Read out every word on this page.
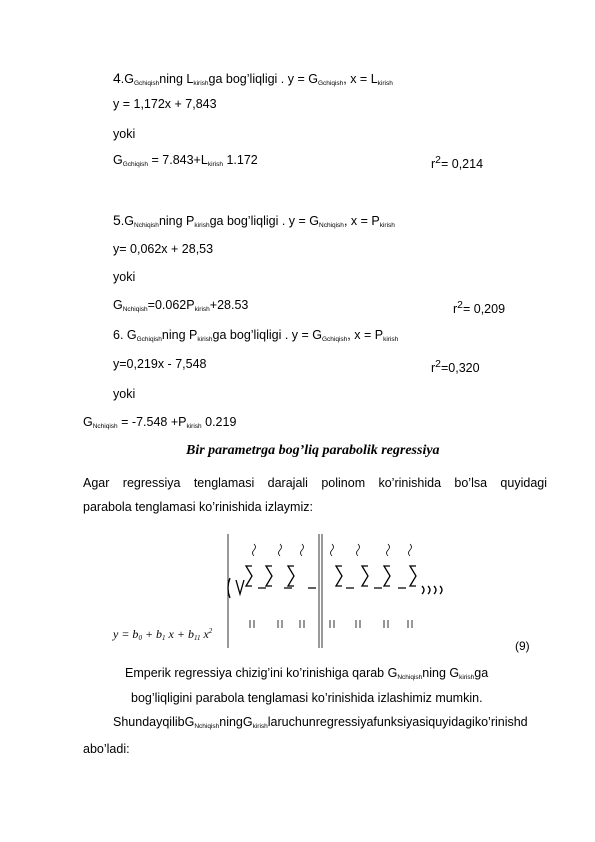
$4.G_{Gchiqish}ning$ $L_{kirish}ga$ bog’liqligi . $y = G_{Gchiqish}$, $x = L_{kirish}$
y = 1,172x + 7,843
yoki
$G_{Gchiqish} = 7.843+L_{kirish}$ 1.172	$r^2= 0,214$
$5.G_{Nchiqish}ning$ $P_{kirish}ga$ bog’liqligi . $y = G_{Nchiqish}$, $x = P_{kirish}$
y= 0,062x + 28,53
yoki
$G_{Nchiqish}=0.062P_{kirish}+28.53$	$r^2= 0,209$
6. $G_{Gchiqish}ning$ $P_{kirish}ga$ bog’liqligi . $y = G_{Gchiqish}$, $x = P_{kirish}$
y=0,219x - 7,548	$r^2=0,320$
yoki
$G_{Nchiqish} = -7.548 +P_{kirish}$ 0.219
Bir parametrga bog’liq parabolik regressiya
Agar regressiya tenglamasi darajali polinom ko’rinishida bo’lsa quyidagi
parabola tenglamasi ko’rinishida izlaymiz:
$y = b_0 + b_1$ $x + b_{11}$ $x^2$
(9)
Emperik regressiya chizig’ini ko’rinishiga qarab $G_{Nchiqish}ning$ $G_{kirish}ga$
bog’liqligini parabola tenglamasi ko’rinishida izlashimiz mumkin.
ShundayqilibG$_{Nchiqish}$ningG$_{kirish}$laruchunregressiyafunksiyasiquyidagiko’rinishd
abo’ladi:
